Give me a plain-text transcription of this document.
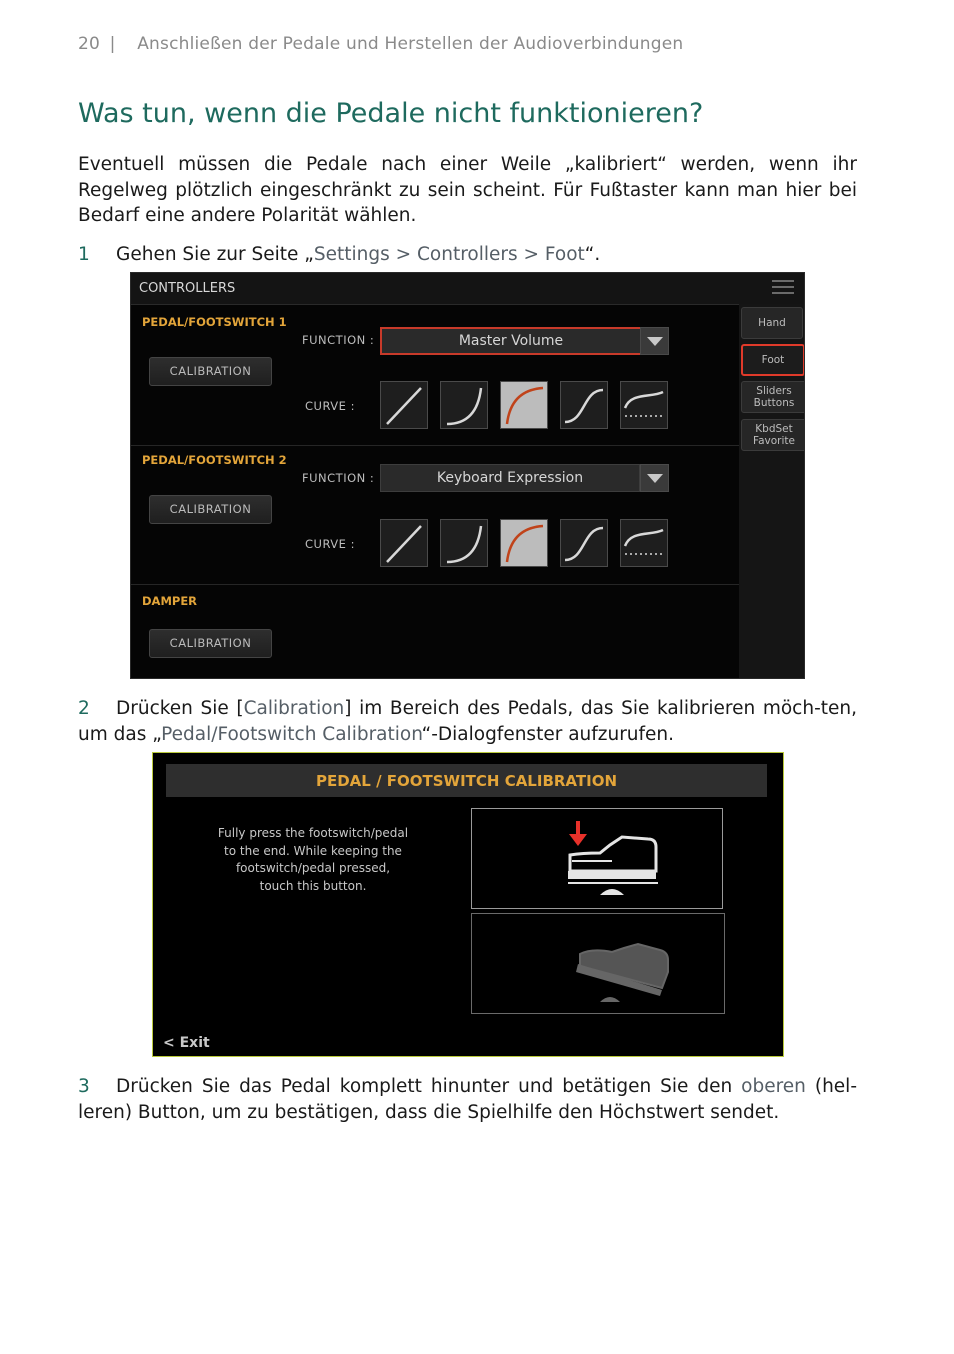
20 | Anschließen der Pedale und Herstellen der Audioverbindungen
Was tun, wenn die Pedale nicht funktionieren?
Eventuell müssen die Pedale nach einer Weile „kalibriert“ werden, wenn ihr Regelweg plötzlich eingeschränkt zu sein scheint. Für Fußtaster kann man hier bei Bedarf eine andere Polarität wählen.
1 Gehen Sie zur Seite „Settings > Controllers > Foot“.
CONTROLLERS
Hand
Foot
Sliders Buttons
KbdSet Favorite
PEDAL/FOOTSWITCH 1
CALIBRATION
FUNCTION :	Master Volume
CURVE :
PEDAL/FOOTSWITCH 2
CALIBRATION
FUNCTION :	Keyboard Expression
CURVE :
DAMPER
CALIBRATION
2 Drücken Sie [Calibration] im Bereich des Pedals, das Sie kalibrieren möch-ten, um das „Pedal/Footswitch Calibration“-Dialogfenster aufzurufen.
PEDAL / FOOTSWITCH CALIBRATION
Fully press the footswitch/pedal
to the end. While keeping the
footswitch/pedal pressed,
touch this button.
< Exit
3 Drücken Sie das Pedal komplett hinunter und betätigen Sie den oberen (hel-leren) Button, um zu bestätigen, dass die Spielhilfe den Höchstwert sendet.
